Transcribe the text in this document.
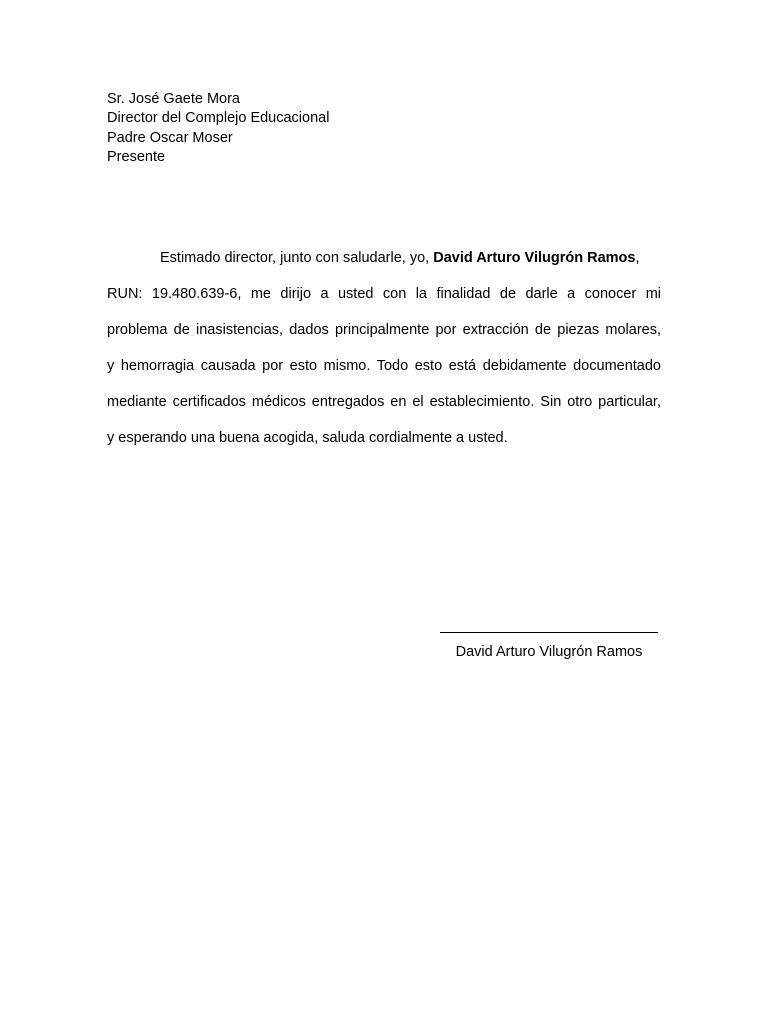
Sr. José Gaete Mora
Director del Complejo Educacional
Padre Oscar Moser
Presente
Estimado director, junto con saludarle, yo, David Arturo Vilugrón Ramos,
RUN: 19.480.639-6, me dirijo a usted con la finalidad de darle a conocer mi
problema de inasistencias, dados principalmente por extracción de piezas molares,
y hemorragia causada por esto mismo. Todo esto está debidamente documentado
mediante certificados médicos entregados en el establecimiento. Sin otro particular,
y esperando una buena acogida, saluda cordialmente a usted.
David Arturo Vilugrón Ramos
